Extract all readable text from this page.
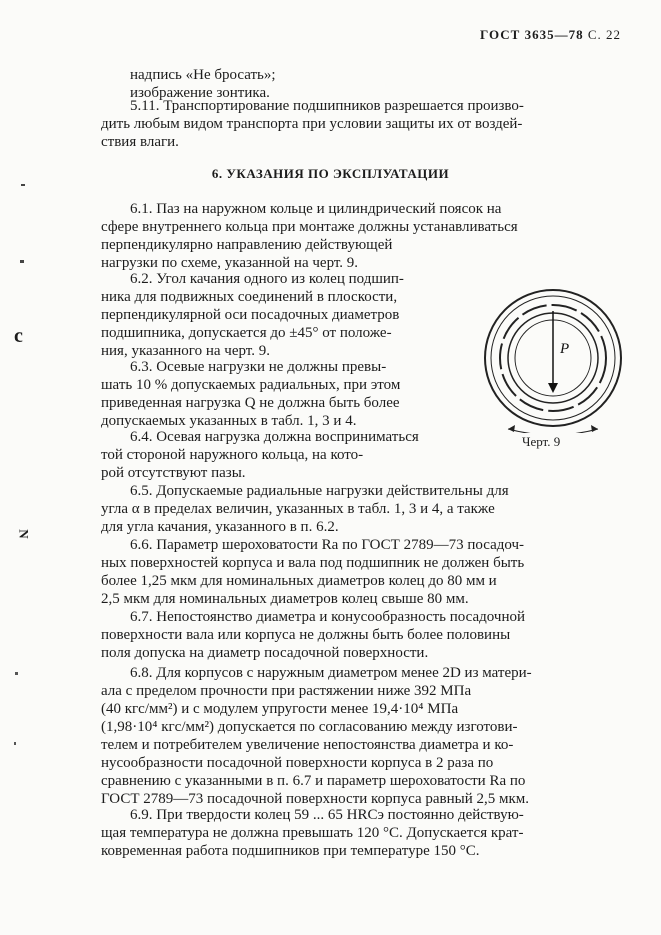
ГОСТ 3635—78 С. 22
c
N
надпись «Не бросать»;
изображение зонтика.
5.11. Транспортирование подшипников разрешается произво-
дить любым видом транспорта при условии защиты их от воздей-
ствия влаги.
6. УКАЗАНИЯ ПО ЭКСПЛУАТАЦИИ
6.1. Паз на наружном кольце и цилиндрический поясок на
сфере внутреннего кольца при монтаже должны устанавливаться
перпендикулярно направлению действующей
нагрузки по схеме, указанной на черт. 9.
6.2. Угол качания одного из колец подшип-
ника для подвижных соединений в плоскости,
перпендикулярной оси посадочных диаметров
подшипника, допускается до ±45° от положе-
ния, указанного на черт. 9.
6.3. Осевые нагрузки не должны превы-
шать 10 % допускаемых радиальных, при этом
приведенная нагрузка Q не должна быть более
допускаемых указанных в табл. 1, 3 и 4.
6.4. Осевая нагрузка должна восприниматься
той стороной наружного кольца, на кото-
рой отсутствуют пазы.
P
Черт. 9
6.5. Допускаемые радиальные нагрузки действительны для
угла α в пределах величин, указанных в табл. 1, 3 и 4, а также
для угла качания, указанного в п. 6.2.
6.6. Параметр шероховатости Ra по ГОСТ 2789—73 посадоч-
ных поверхностей корпуса и вала под подшипник не должен быть
более 1,25 мкм для номинальных диаметров колец до 80 мм и
2,5 мкм для номинальных диаметров колец свыше 80 мм.
6.7. Непостоянство диаметра и конусообразность посадочной
поверхности вала или корпуса не должны быть более половины
поля допуска на диаметр посадочной поверхности.
6.8. Для корпусов с наружным диаметром менее 2D из матери-
ала с пределом прочности при растяжении ниже 392 МПа
(40 кгс/мм²) и с модулем упругости менее 19,4·10⁴ МПа
(1,98·10⁴ кгс/мм²) допускается по согласованию между изготови-
телем и потребителем увеличение непостоянства диаметра и ко-
нусообразности посадочной поверхности корпуса в 2 раза по
сравнению с указанными в п. 6.7 и параметр шероховатости Ra по
ГОСТ 2789—73 посадочной поверхности корпуса равный 2,5 мкм.
6.9. При твердости колец 59 ... 65 HRCэ постоянно действую-
щая температура не должна превышать 120 °С. Допускается крат-
ковременная работа подшипников при температуре 150 °С.
